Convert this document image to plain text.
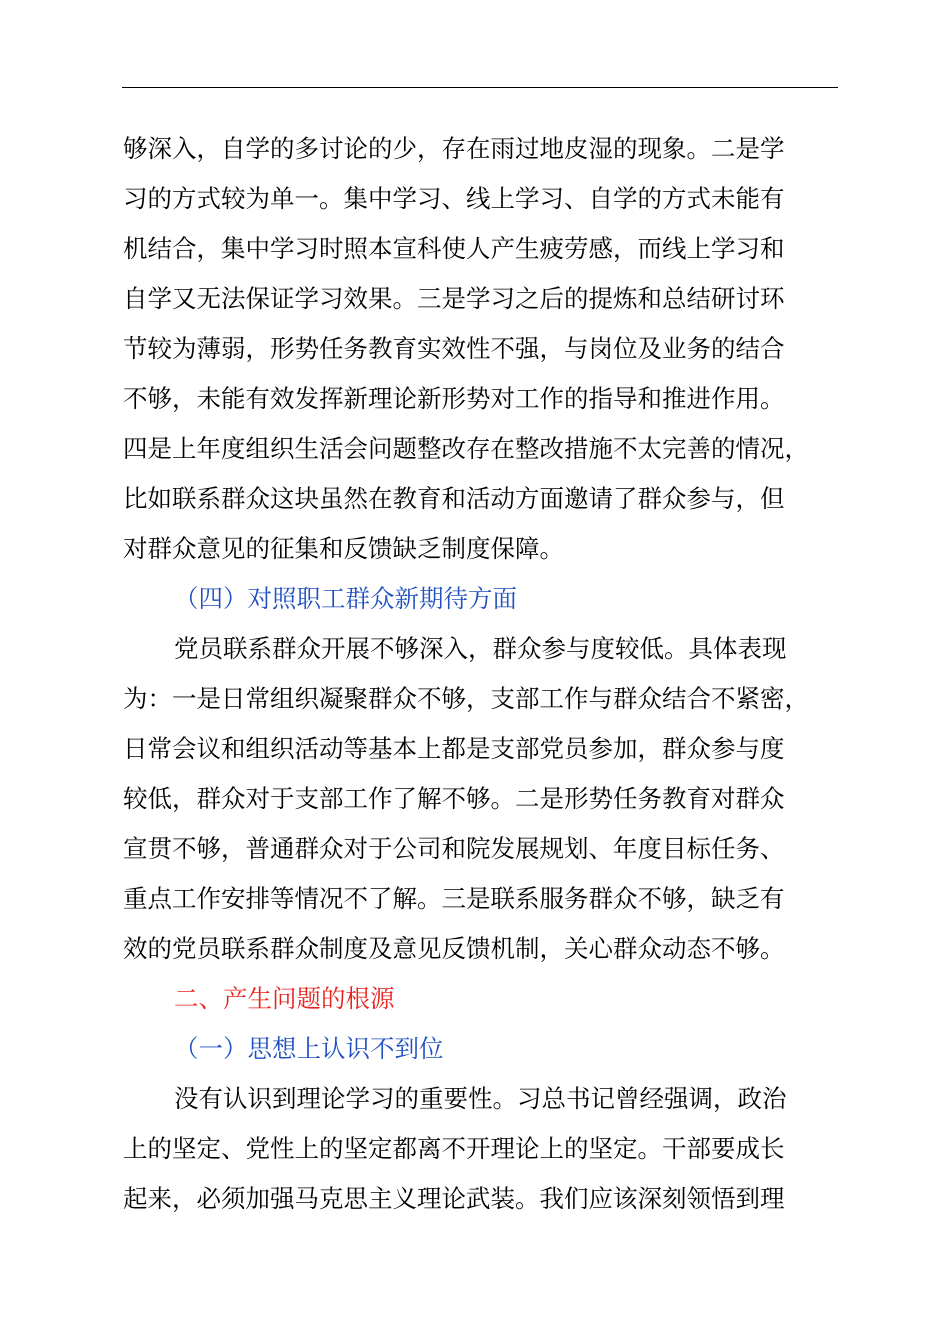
够深入，自学的多讨论的少，存在雨过地皮湿的现象。二是学
习的方式较为单一。集中学习、线上学习、自学的方式未能有
机结合，集中学习时照本宣科使人产生疲劳感，而线上学习和
自学又无法保证学习效果。三是学习之后的提炼和总结研讨环
节较为薄弱，形势任务教育实效性不强，与岗位及业务的结合
不够，未能有效发挥新理论新形势对工作的指导和推进作用。
四是上年度组织生活会问题整改存在整改措施不太完善的情况，
比如联系群众这块虽然在教育和活动方面邀请了群众参与，但
对群众意见的征集和反馈缺乏制度保障。
（四）对照职工群众新期待方面
党员联系群众开展不够深入，群众参与度较低。具体表现
为：一是日常组织凝聚群众不够，支部工作与群众结合不紧密，
日常会议和组织活动等基本上都是支部党员参加，群众参与度
较低，群众对于支部工作了解不够。二是形势任务教育对群众
宣贯不够，普通群众对于公司和院发展规划、年度目标任务、
重点工作安排等情况不了解。三是联系服务群众不够，缺乏有
效的党员联系群众制度及意见反馈机制，关心群众动态不够。
二、产生问题的根源
（一）思想上认识不到位
没有认识到理论学习的重要性。习总书记曾经强调，政治
上的坚定、党性上的坚定都离不开理论上的坚定。干部要成长
起来，必须加强马克思主义理论武装。我们应该深刻领悟到理
